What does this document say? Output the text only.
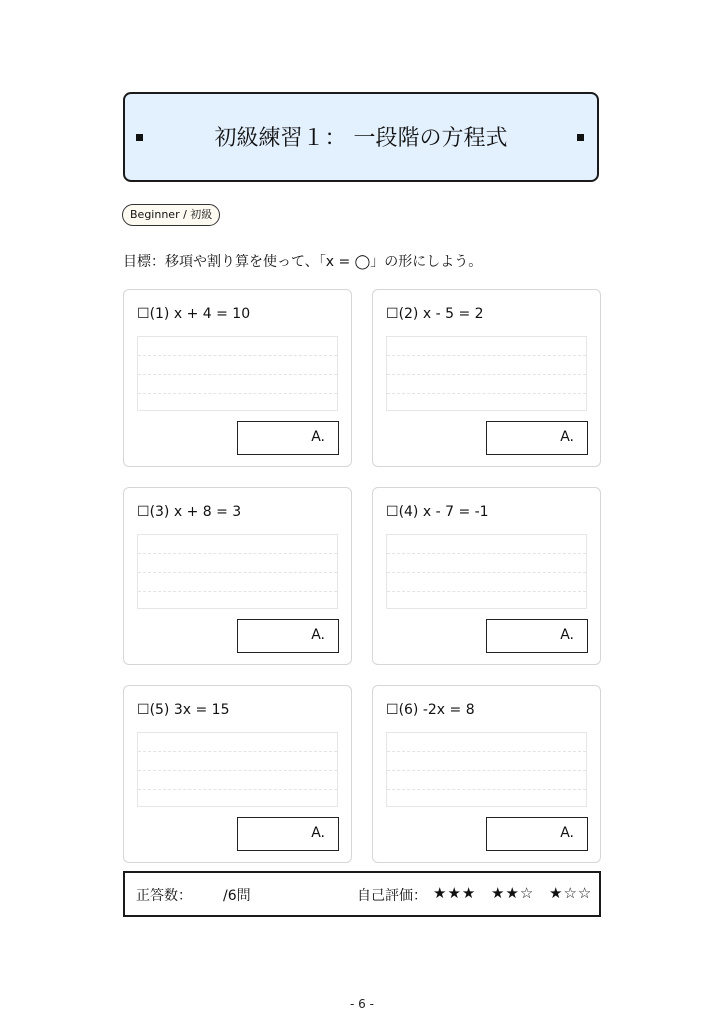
初級練習１： 一段階の方程式
Beginner / 初級
目標：移項や割り算を使って、「x = ◯」の形にしよう。
☐(1) x + 4 = 10
A.
☐(2) x - 5 = 2
A.
☐(3) x + 8 = 3
A.
☐(4) x - 7 = -1
A.
☐(5) 3x = 15
A.
☐(6) -2x = 8
A.
正答数： /6問	自己評価： ★★★ ★★☆ ★☆☆
- 6 -
